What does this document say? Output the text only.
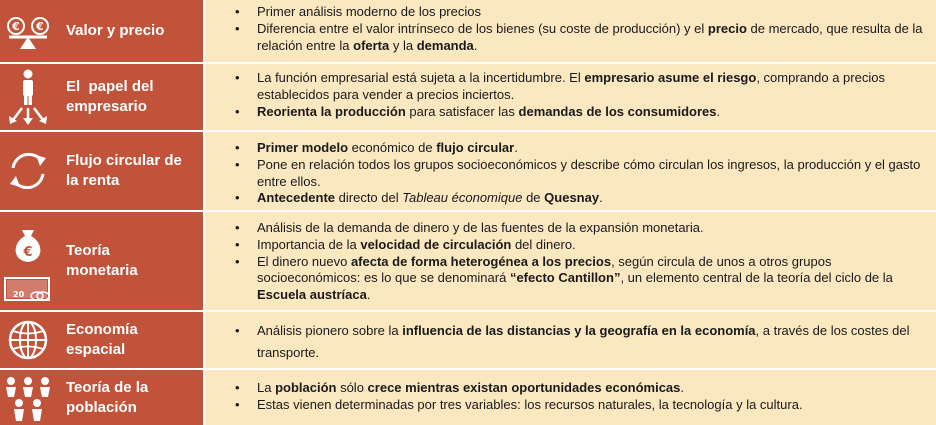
€ €	Valor y precio
• Primer análisis moderno de los precios
• Diferencia entre el valor intrínseco de los bienes (su coste de producción) y el precio de mercado, que resulta de la relación entre la oferta y la demanda.
El  papel del empresario
• La función empresarial está sujeta a la incertidumbre. El empresario asume el riesgo, comprando a precios establecidos para vender a precios inciertos.
• Reorienta la producción para satisfacer las demandas de los consumidores.
Flujo circular de la renta
• Primer modelo económico de flujo circular.
• Pone en relación todos los grupos socioeconómicos y describe cómo circulan los ingresos, la producción y el gasto entre ellos.
• Antecedente directo del Tableau économique de Quesnay.
€
20
Teoría monetaria
• Análisis de la demanda de dinero y de las fuentes de la expansión monetaria.
• Importancia de la velocidad de circulación del dinero.
• El dinero nuevo afecta de forma heterogénea a los precios, según circula de unos a otros grupos socioeconómicos: es lo que se denominará “efecto Cantillon”, un elemento central de la teoría del ciclo de la Escuela austríaca.
Economía espacial
• Análisis pionero sobre la influencia de las distancias y la geografía en la economía, a través de los costes del transporte.
Teoría de la población
• La población sólo crece mientras existan oportunidades económicas.
• Estas vienen determinadas por tres variables: los recursos naturales, la tecnología y la cultura.
